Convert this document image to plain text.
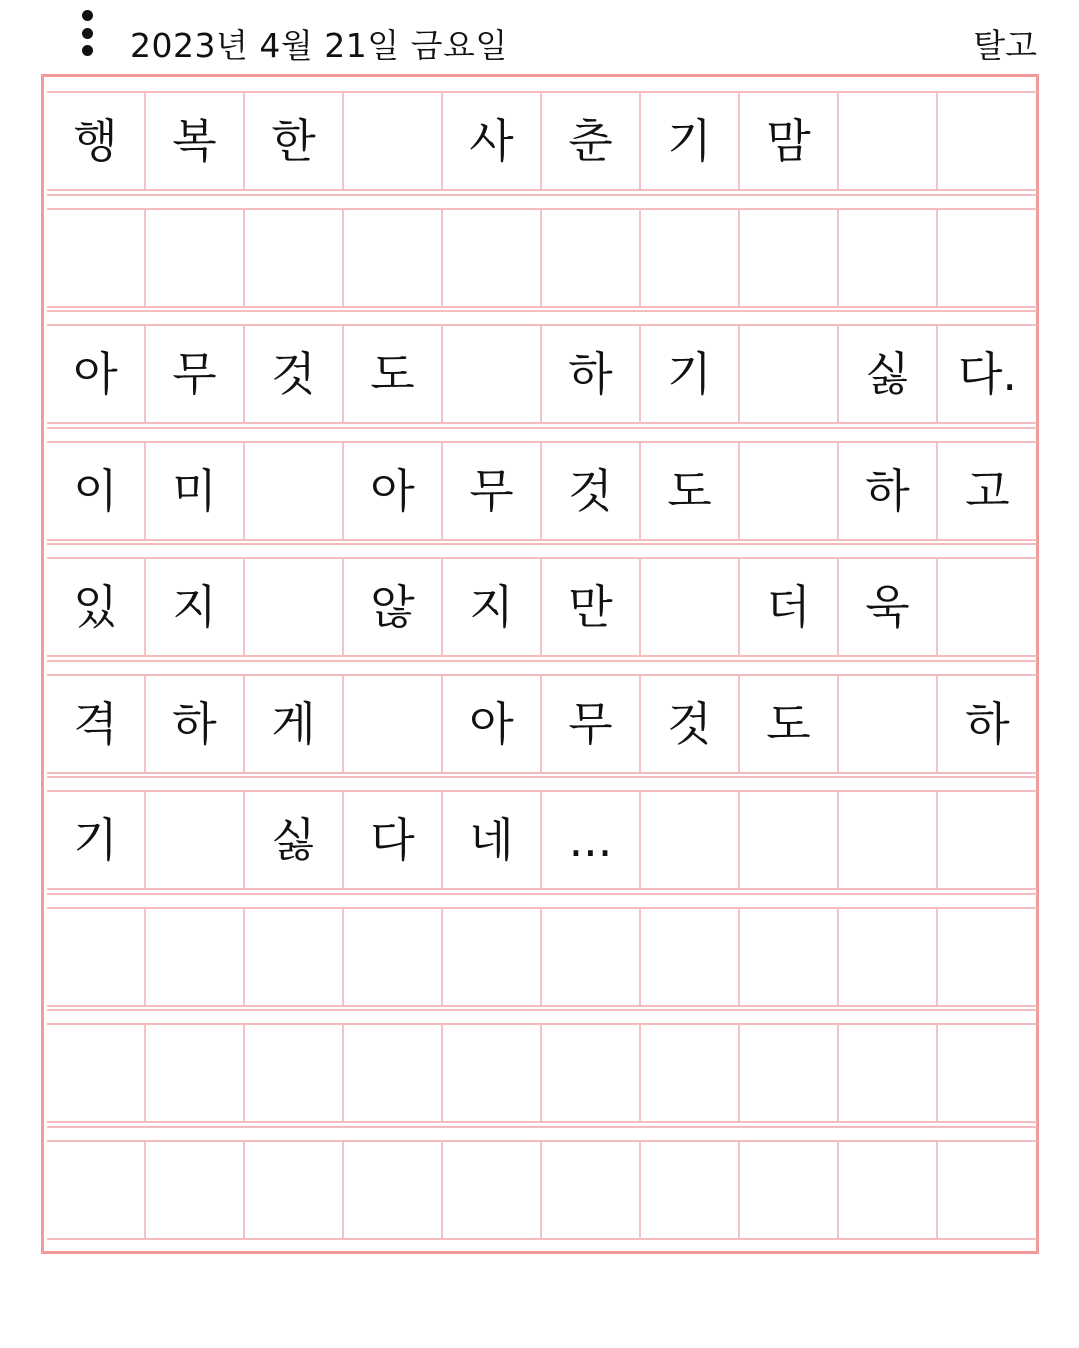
2023년 4월 21일 금요일	탈고
행	복	한	사	춘	기	맘
아	무	것	도	하	기	싫	다.
이	미	아	무	것	도	하	고
있	지	않	지	만	더	욱
격	하	게	아	무	것	도	하
기	싫	다	네	...
